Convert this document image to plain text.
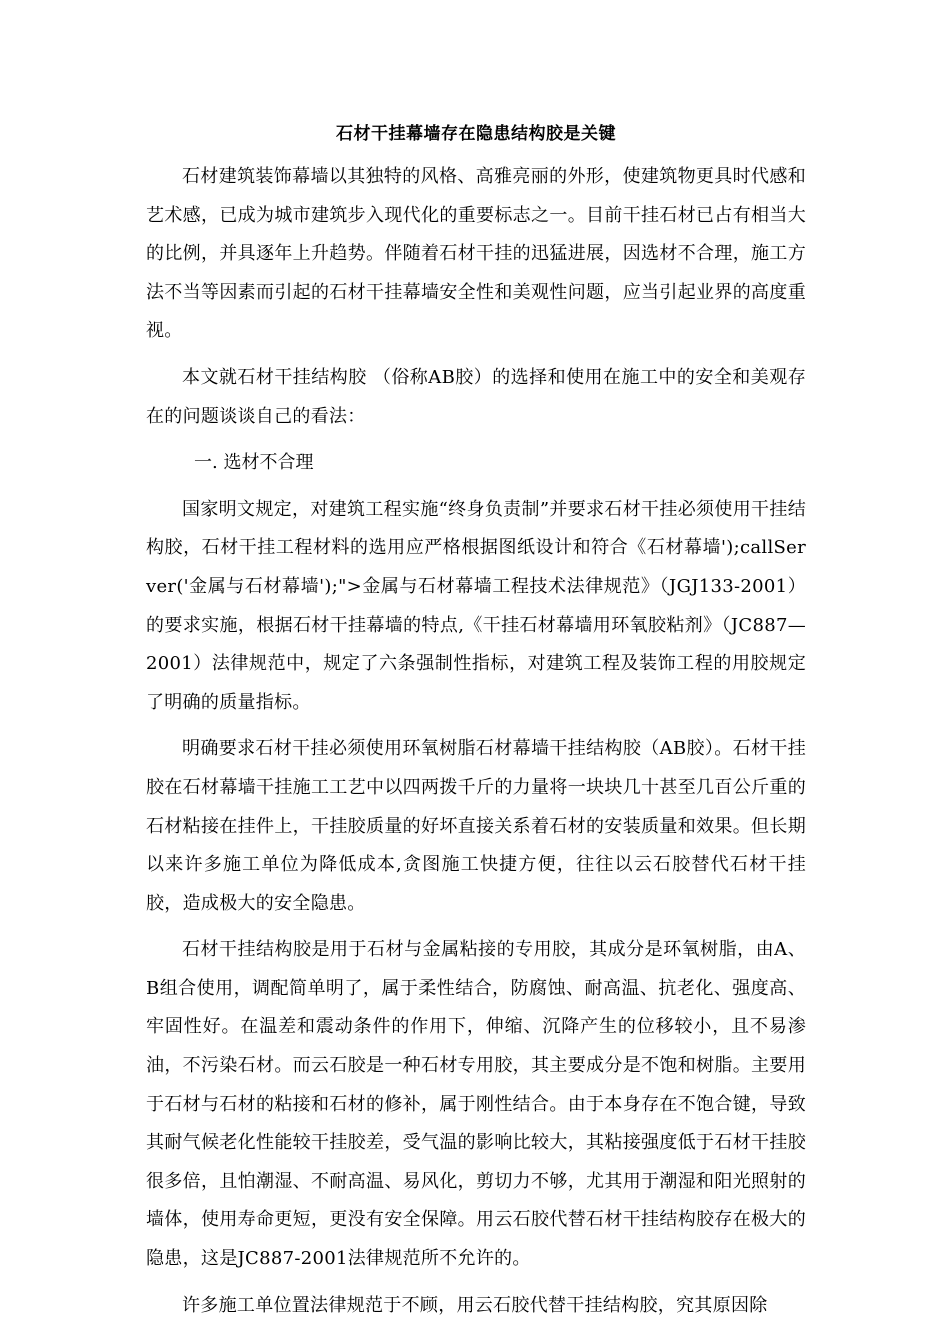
石材干挂幕墙存在隐患结构胶是关键

石材建筑装饰幕墙以其独特的风格、高雅亮丽的外形，使建筑物更具时代感和艺术感，已成为城市建筑步入现代化的重要标志之一。目前干挂石材已占有相当大的比例，并具逐年上升趋势。伴随着石材干挂的迅猛进展，因选材不合理，施工方法不当等因素而引起的石材干挂幕墙安全性和美观性问题，应当引起业界的高度重视。

本文就石材干挂结构胶 （俗称AB胶）的选择和使用在施工中的安全和美观存在的问题谈谈自己的看法：

一. 选材不合理

国家明文规定，对建筑工程实施“终身负责制”并要求石材干挂必须使用干挂结构胶，石材干挂工程材料的选用应严格根据图纸设计和符合《石材幕墙');callServer('金属与石材幕墙');">金属与石材幕墙工程技术法律规范》（JGJ133-2001）的要求实施，根据石材干挂幕墙的特点,《干挂石材幕墙用环氧胶粘剂》（JC887—2001）法律规范中，规定了六条强制性指标，对建筑工程及装饰工程的用胶规定了明确的质量指标。

明确要求石材干挂必须使用环氧树脂石材幕墙干挂结构胶（AB胶）。石材干挂胶在石材幕墙干挂施工工艺中以四两拨千斤的力量将一块块几十甚至几百公斤重的石材粘接在挂件上，干挂胶质量的好坏直接关系着石材的安装质量和效果。但长期以来许多施工单位为降低成本,贪图施工快捷方便，往往以云石胶替代石材干挂胶，造成极大的安全隐患。

石材干挂结构胶是用于石材与金属粘接的专用胶，其成分是环氧树脂，由A、B组合使用，调配简单明了，属于柔性结合，防腐蚀、耐高温、抗老化、强度高、牢固性好。在温差和震动条件的作用下，伸缩、沉降产生的位移较小，且不易渗油，不污染石材。而云石胶是一种石材专用胶，其主要成分是不饱和树脂。主要用于石材与石材的粘接和石材的修补，属于刚性结合。由于本身存在不饱合键，导致其耐气候老化性能较干挂胶差，受气温的影响比较大，其粘接强度低于石材干挂胶很多倍，且怕潮湿、不耐高温、易风化，剪切力不够，尤其用于潮湿和阳光照射的墙体，使用寿命更短，更没有安全保障。用云石胶代替石材干挂结构胶存在极大的隐患，这是JC887-2001法律规范所不允许的。

许多施工单位置法律规范于不顾，用云石胶代替干挂结构胶，究其原因除
